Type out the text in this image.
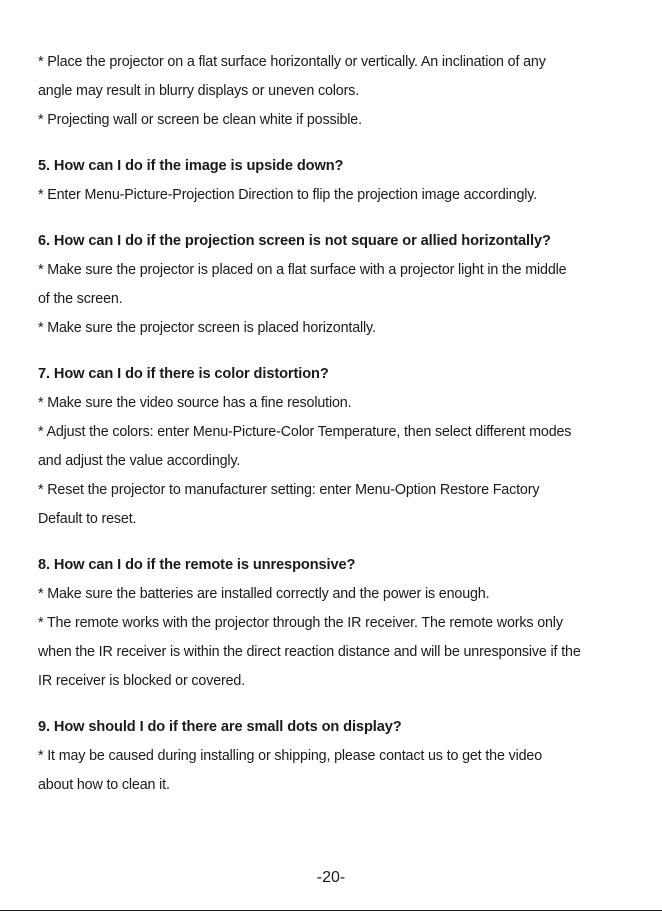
* Place the projector on a flat surface horizontally or vertically. An inclination of any
angle may result in blurry displays or uneven colors.
* Projecting wall or screen be clean white if possible.
5. How can I do if the image is upside down?
* Enter Menu-Picture-Projection Direction to flip the projection image accordingly.
6. How can I do if the projection screen is not square or allied horizontally?
* Make sure the projector is placed on a flat surface with a projector light in the middle
of the screen.
* Make sure the projector screen is placed horizontally.
7. How can I do if there is color distortion?
* Make sure the video source has a fine resolution.
* Adjust the colors: enter Menu-Picture-Color Temperature, then select different modes
and adjust the value accordingly.
* Reset the projector to manufacturer setting: enter Menu-Option Restore Factory
Default to reset.
8. How can I do if the remote is unresponsive?
* Make sure the batteries are installed correctly and the power is enough.
* The remote works with the projector through the IR receiver. The remote works only
when the IR receiver is within the direct reaction distance and will be unresponsive if the
IR receiver is blocked or covered.
9. How should I do if there are small dots on display?
* It may be caused during installing or shipping, please contact us to get the video
about how to clean it.
-20-
